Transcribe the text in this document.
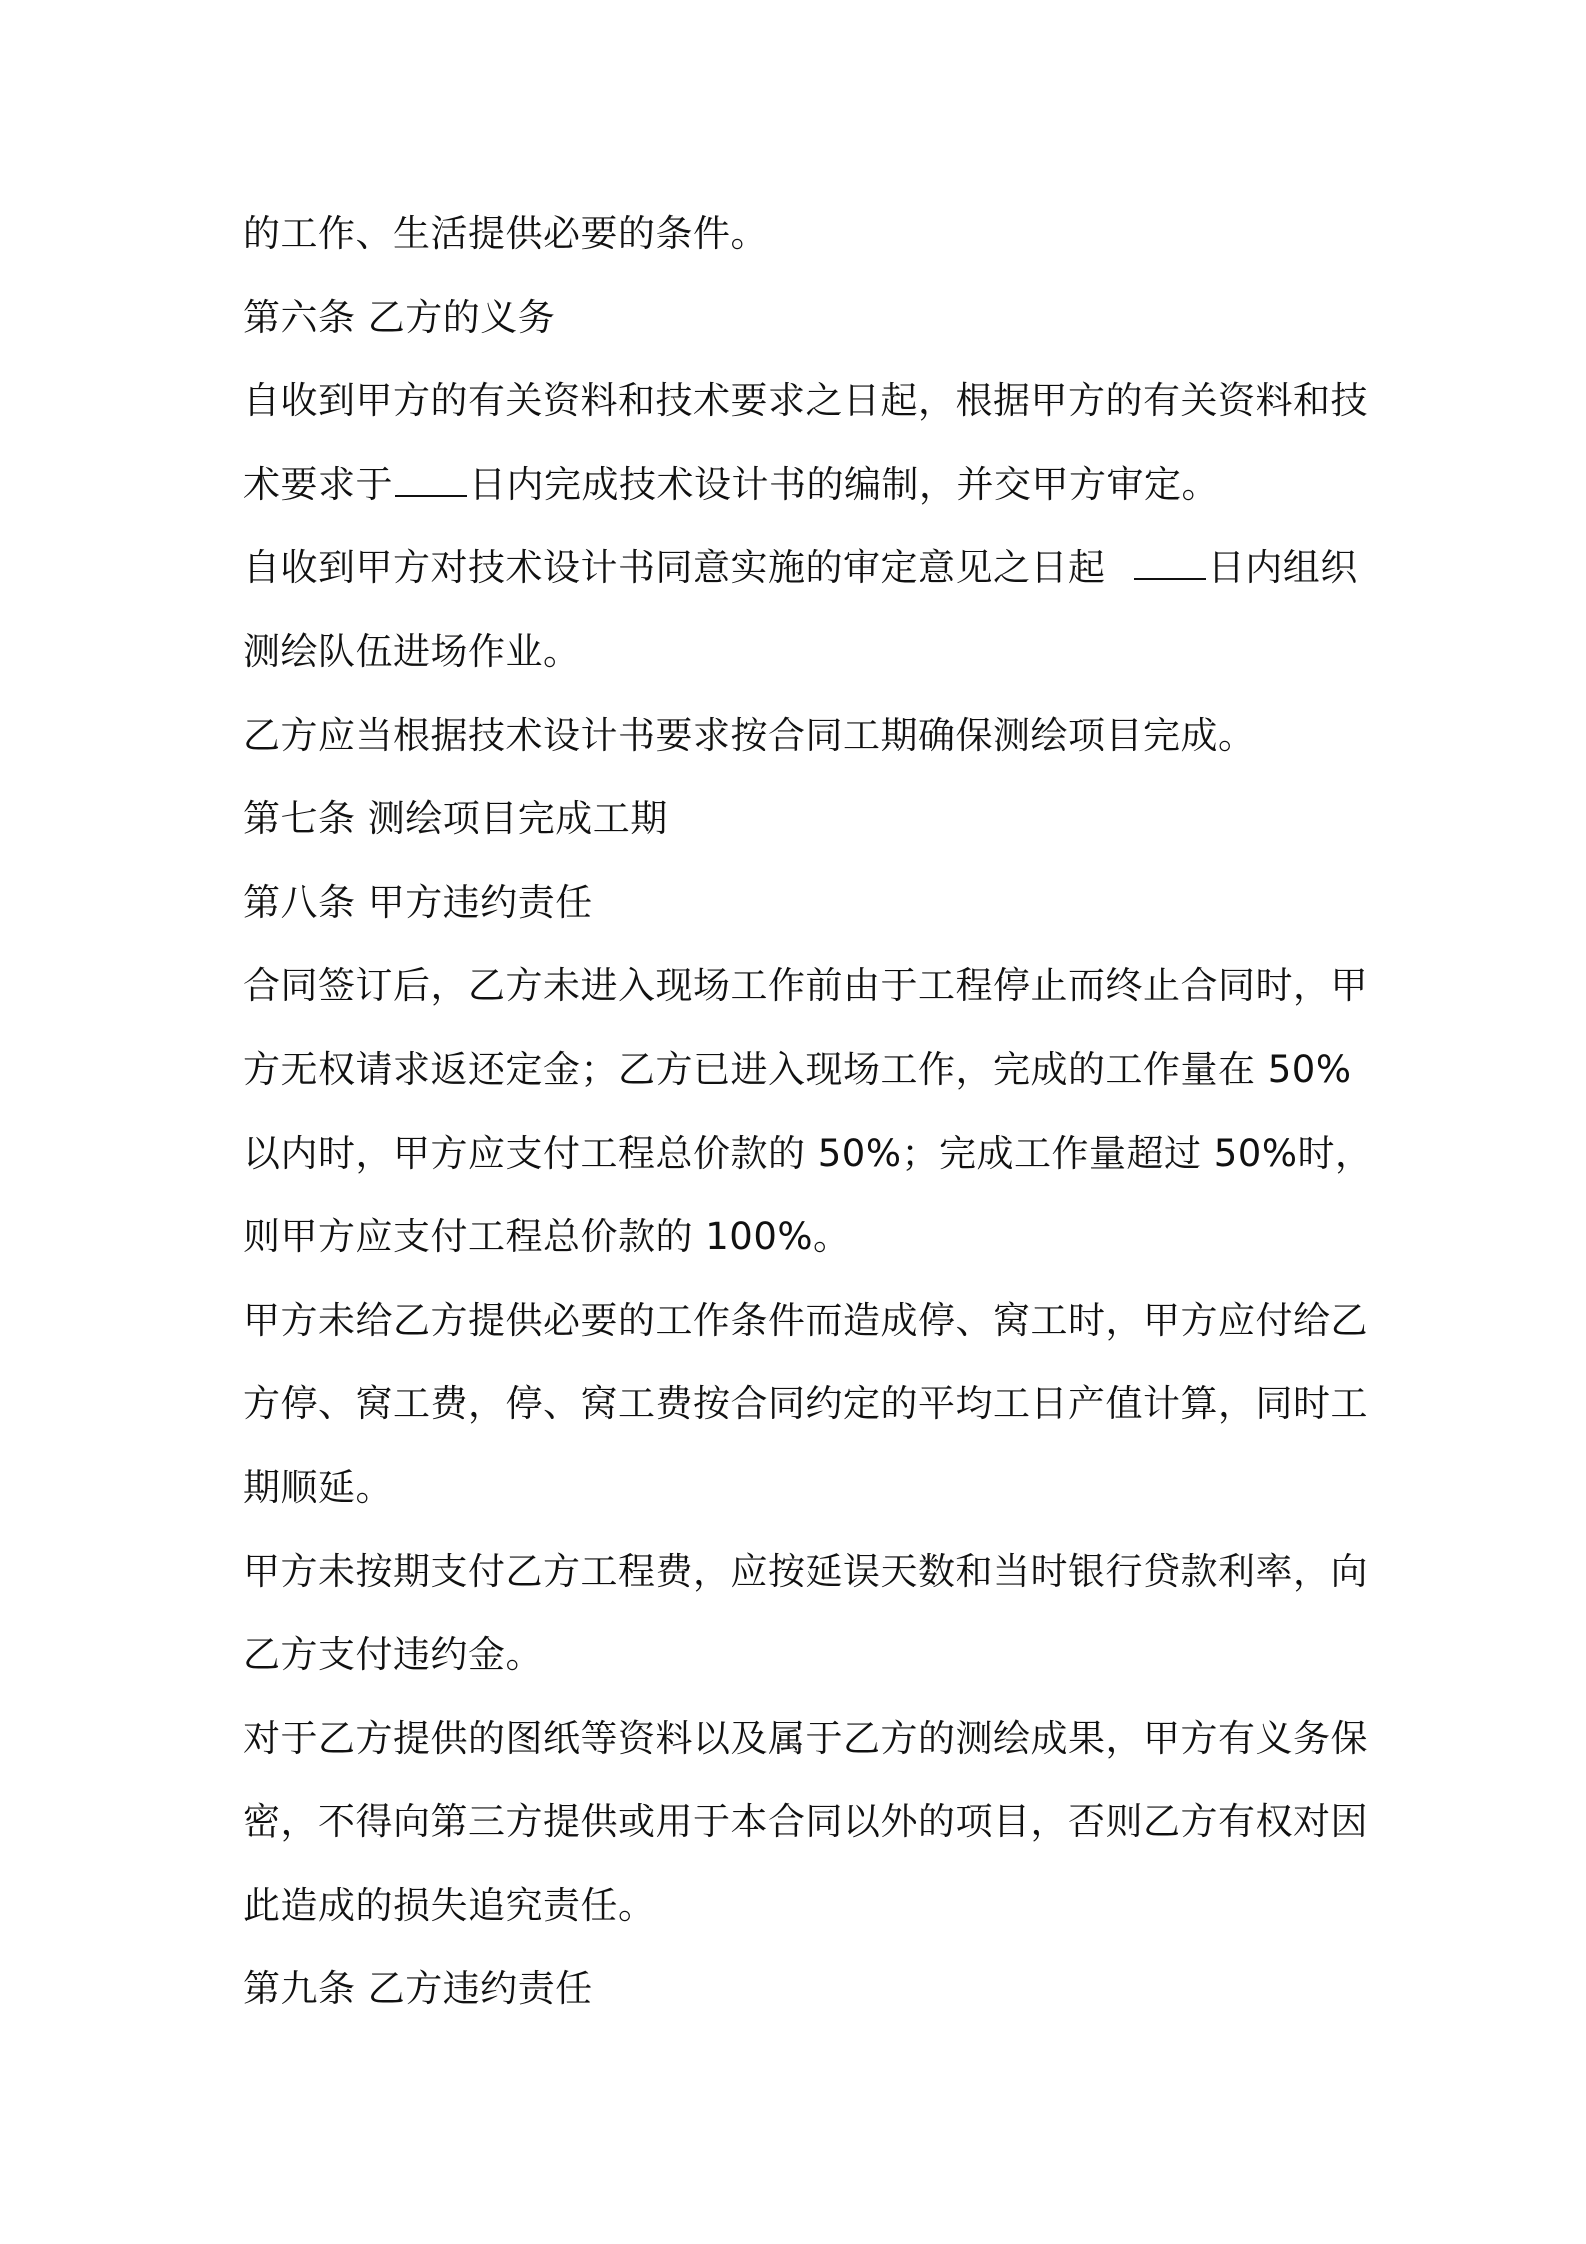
的工作、生活提供必要的条件。
第六条 乙方的义务
自收到甲方的有关资料和技术要求之日起，根据甲方的有关资料和技
术要求于 日内完成技术设计书的编制，并交甲方审定。
自收到甲方对技术设计书同意实施的审定意见之日起 日内组织
测绘队伍进场作业。
乙方应当根据技术设计书要求按合同工期确保测绘项目完成。
第七条 测绘项目完成工期
第八条 甲方违约责任
合同签订后，乙方未进入现场工作前由于工程停止而终止合同时，甲
方无权请求返还定金；乙方已进入现场工作，完成的工作量在 50%
以内时，甲方应支付工程总价款的 50%；完成工作量超过 50%时，
则甲方应支付工程总价款的 100%。
甲方未给乙方提供必要的工作条件而造成停、窝工时，甲方应付给乙
方停、窝工费，停、窝工费按合同约定的平均工日产值计算，同时工
期顺延。
甲方未按期支付乙方工程费，应按延误天数和当时银行贷款利率，向
乙方支付违约金。
对于乙方提供的图纸等资料以及属于乙方的测绘成果，甲方有义务保
密，不得向第三方提供或用于本合同以外的项目，否则乙方有权对因
此造成的损失追究责任。
第九条 乙方违约责任
